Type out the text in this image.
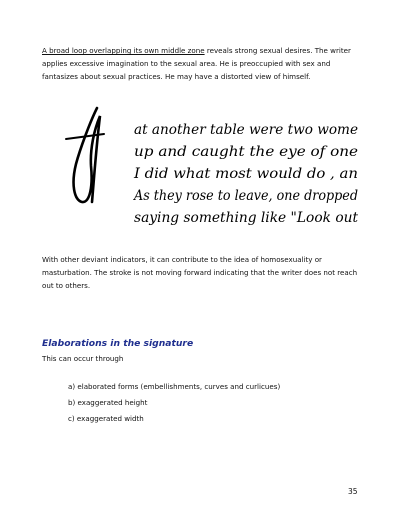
A broad loop overlapping its own middle zone reveals strong sexual desires. The writer applies excessive imagination to the sexual area. He is preoccupied with sex and fantasizes about sexual practices. He may have a distorted view of himself.

at another table were two wome
up and caught the eye of one
I did what most would do , an
As they rose to leave, one dropped
saying something like "Look out

With other deviant indicators, it can contribute to the idea of homosexuality or masturbation. The stroke is not moving forward indicating that the writer does not reach out to others.

Elaborations in the signature
This can occur through
a) elaborated forms (embellishments, curves and curlicues)
b) exaggerated height
c) exaggerated width
35
